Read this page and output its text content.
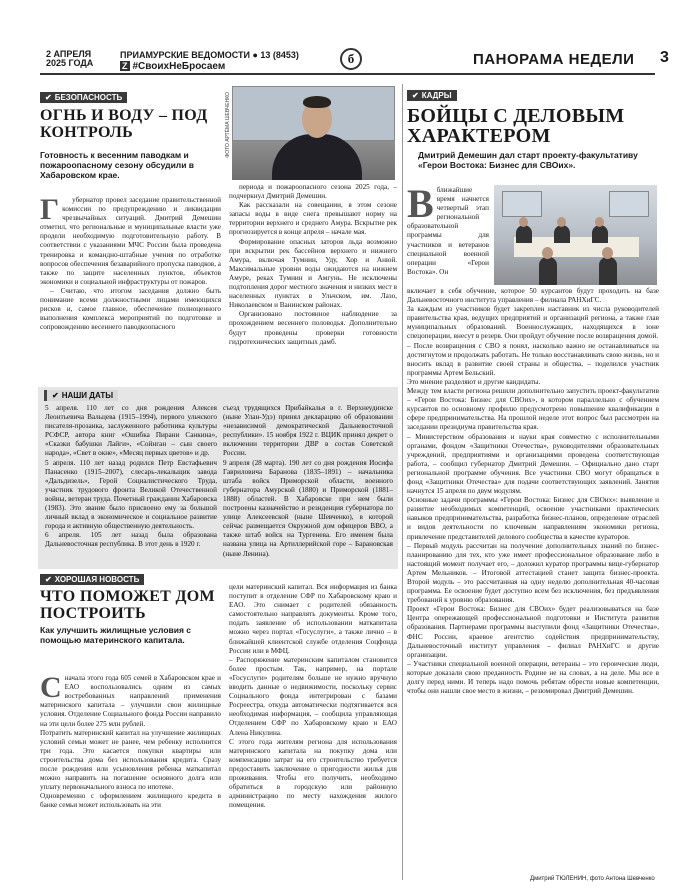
2 АПРЕЛЯ
2025 ГОДА
ПРИАМУРСКИЕ ВЕДОМОСТИ ● 13 (8453)
Z #СвоихНеБросаем
б	ПАНОРАМА НЕДЕЛИ 3
✔ БЕЗОПАСНОСТЬ
ОГНЬ И ВОДУ – ПОД КОНТРОЛЬ
Готовность к весенним паводкам и пожароопасному сезону обсудили в Хабаровском крае.
ФОТО АРТЁМА ШЕВЧЕНКО

Г убернатор провел заседание правительственной комиссии по предупреждению и ликвидации чрезвычайных ситуаций. Дмитрий Демешин отметил, что региональные и муниципальные власти уже продели необходимую подготовительную работу. В соответствии с указаниями МЧС России была проведена тренировка и командно-штабные учения по отработке вопросов обеспечения безаварийного пропуска паводков, а также по защите населенных пунктов, объектов экономики и социальной инфраструктуры от пожаров.

– Считаю, что итогом заседания должно быть понимание всеми должностными лицами имеющихся рисков и, самое главное, обеспечение полноценного выполнения комплекса мероприятий по подготовке и сопровождению весеннего паводкоопасного

периода и пожароопасного сезона 2025 года, – подчеркнул Дмитрий Демешин.

Как рассказали на совещании, в этом сезоне запасы воды в виде снега превышают норму на территории верхнего и среднего Амура. Вскрытие рек прогнозируется в конце апреля – начале мая.

Формирование опасных заторов льда возможно при вскрытии рек бассейнов верхнего и нижнего Амура, включая Тумнин, Уду, Хор и Анюй. Максимальные уровни воды ожидаются на нижнем Амуре, реках Тумнин и Амгунь. Не исключены подтопления дорог местного значения и низких мест в населенных пунктах в Ульчском, им. Лазо, Николаевском и Ванинском районах.

Организовано постоянное наблюдение за прохождением весеннего половодья. Дополнительно будут проведены проверки готовности гидротехнических защитных дамб.

✔ НАШИ ДАТЫ
5 апреля. 110 лет со дня рождения Алексея Леонтьевича Вальцева (1915–1994), первого ульчского писателя-прозаика, заслуженного работника культуры РСФСР, автора книг «Ошибка Пирани Санкина», «Сказки бабушки Лайги», «Сойнган – сын своего народа», «Свет в окне», «Месяц первых цветов» и др.
5 апреля. 110 лет назад родился Петр Евстафьевич Панасенко (1915–2007), слесарь-лекальщик завода «Дальдизель», Герой Социалистического Труда, участник трудового фронта Великой Отечественной войны, ветеран труда. Почетный гражданин Хабаровска (1983). Это звание было присвоено ему за большой личный вклад в экономическое и социальное развитие города и активную общественную деятельность.
6 апреля. 105 лет назад была образована Дальневосточная республика. В этот день в 1920 г.
съезд трудящихся Прибайкалья в г. Верхнеудинске (ныне Улан-Удэ) принял декларацию об образовании «независимой демократической Дальневосточной республики». 15 ноября 1922 г. ВЦИК принял декрет о включении территории ДВР в состав Советской России.
9 апреля (28 марта). 190 лет со дня рождения Иосифа Гавриловича Баранова (1835–1891) – начальника штаба войск Приморской области, военного губернатора Амурской (1880) и Приморской (1881–1888) областей. В Хабаровске при нем были построены казначейство и резиденция губернатора по улице Алексеевской (ныне Шевченко), в которой сейчас размещается Окружной дом офицеров ВВО, а также штаб войск на Тургенева. Его именем была названа улица на Артиллерийской горе – Барановская (ныне Ленина).
✔ ХОРОШАЯ НОВОСТЬ
ЧТО ПОМОЖЕТ ДОМ ПОСТРОИТЬ
Как улучшить жилищные условия с помощью материнского капитала.

Сначала этого года 605 семей в Хабаровском крае и ЕАО воспользовались одним из самых востребованных направлений применения материнского капитала – улучшили свои жилищные условия. Отделение Социального фонда России направило на эти цели более 275 млн рублей.
Потратить материнский капитал на улучшение жилищных условий семьи может не ранее, чем ребенку исполнится три года. Это касается покупки квартиры или строительства дома без использования кредита. Сразу после рождения или усыновления ребенка маткапитал можно направить на погашение основного долга или уплату первоначального взноса по ипотеке.
Одновременно с оформлением жилищного кредита в банке семьи может использовать на эти

цели материнский капитал. Вся информация из банка поступит в отделение СФР по Хабаровскому краю и ЕАО. Это снимает с родителей обязанность самостоятельно направлять документы. Кроме того, подать заявление об использовании маткапитала можно через портал «Госуслуги», а также лично – в ближайшей клиентской службе отделения Соцфонда России или в МФЦ.
– Распоряжение материнским капиталом становится более простым. Так, например, на портале «Госуслуги» родителям больше не нужно вручную вводить данные о недвижимости, поскольку сервис Социального фонда интегрирован с базами Росреестра, откуда автоматически подтягивается вся необходимая информация, – сообщила управляющая Отделением СФР по Хабаровскому краю и ЕАО Алена Никулина.
С этого года жителям региона для использования материнского капитала на покупку дома или компенсацию затрат на его строительство требуется предоставить заключение о пригодности жилья для проживания. Чтобы его получить, необходимо обратиться в городскую или районную администрацию по месту нахождения жилого помещения.
✔ КАДРЫ
БОЙЦЫ С ДЕЛОВЫМ ХАРАКТЕРОМ
Дмитрий Демешин дал старт проекту-факультативу «Герои Востока: Бизнес для СВОих».
Вближайшие время начнется четвертый этап региональной образовательной программы для участников и ветеранов специальной военной операции «Герои Востока». Он
включает в себя обучение, которое 50 курсантов будут проходить на базе Дальневосточного института управления – филиала РАНХиГС.
За каждым из участников будет закреплен наставник из числа руководителей правительства края, ведущих предприятий и организаций региона, а также глав муниципальных образований. Военнослужащих, находящихся в зоне спецоперации, внесут в резерв. Они пройдут обучение после возвращения домой.
– После возвращения с СВО я понял, насколько важно не останавливаться на достигнутом и продолжать работать. Не только восстанавливать свою жизнь, но и вносить вклад в развитие своей страны и общества, – поделился участник программы Артем Бельский.
Это мнение разделяют и другие кандидаты.
Между тем власти региона решили дополнительно запустить проект-факультатив – «Герои Востока: Бизнес для СВОих», в котором параллельно с обучением курсантов по основному профилю предусмотрено повышение квалификации в сфере предпринимательства. На прошлой неделе этот вопрос был рассмотрен на заседании президиума правительства края.
– Министерством образования и науки края совместно с исполнительными органами, фондом «Защитники Отечества», руководителями образовательных учреждений, предприятиями и организациями проведена соответствующая работа, – сообщил губернатор Дмитрий Демешин. – Официально дано старт региональной программе обучения. Все участники СВО могут обращаться в фонд «Защитники Отечества» для подачи соответствующих заявлений. Занятия начнутся 15 апреля по двум модулям.
Основные задачи программы «Герои Востока: Бизнес для СВОих»: выявление и развитие необходимых компетенций, освоение участниками практических навыков предпринимательства, разработка бизнес-планов, определение отраслей и видов деятельности по ключевым направлениям экономики региона, привлечение представителей делового сообщества в качестве кураторов.
– Первый модуль рассчитан на получение дополнительных знаний по бизнес-планированию для тех, кто уже имеет профессиональное образование либо в настоящий момент получает его, – доложил куратор программы вице-губернатор Артем Мельников. – Итоговой аттестацией станет защита бизнес-проекта. Второй модуль – это рассчитанная на одну неделю дополнительная 40-часовая программа. Ее освоение будет доступно всем без исключения, без предъявления требований к уровню образования.
Проект «Герои Востока: Бизнес для СВОих» будет реализовываться на базе Центра опережающей профессиональной подготовки и Института развития образования. Партнерами программы выступили фонд «Защитники Отечества», ФНС России, краевое агентство содействия предпринимательству, Дальневосточный институт управления – филиал РАНХиГС и другие организации.
– Участники специальной военной операции, ветераны – это героические люди, которые доказали свою преданность Родине не на словах, а на деле. Мы все в долгу перед ними. И теперь надо помочь ребятам обрести новые компетенции, чтобы они нашли свое место в жизни, – резюмировал Дмитрий Демешин.
Дмитрий ТЮЛЕНИН, фото Антона Шевченко
